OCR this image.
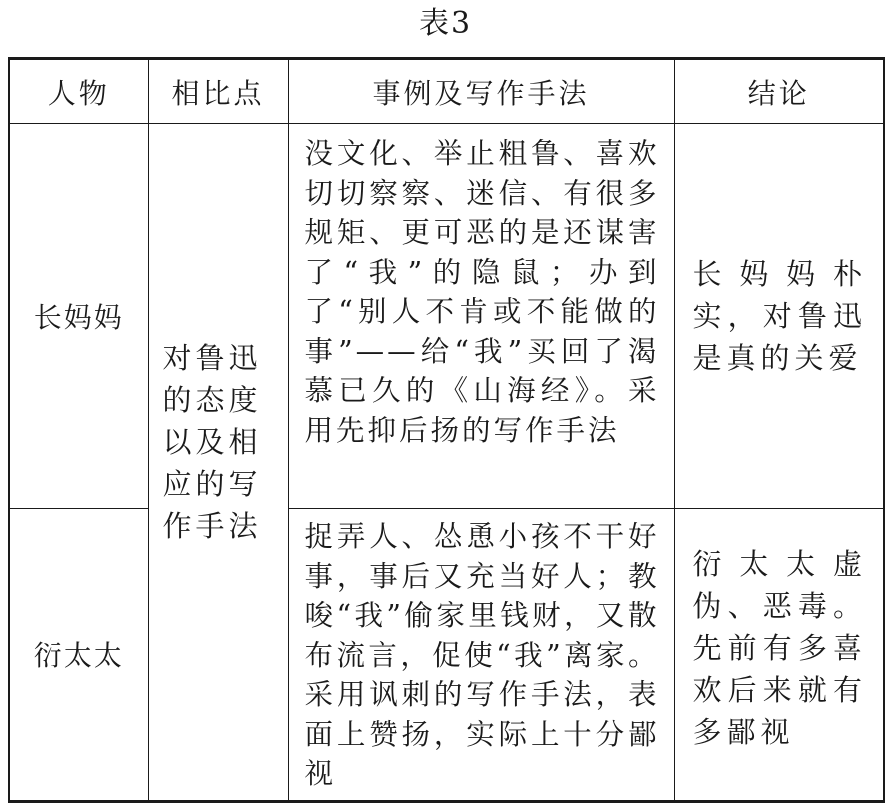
表3
人物	相比点	事例及写作手法	结论
长妈妈	对鲁迅的态度以及相应的写作手法	没文化、举止粗鲁、喜欢切切察察、迷信、有很多规矩、更可恶的是还谋害了“我”的隐鼠；办到了“别人不肯或不能做的事”——给“我”买回了渴慕已久的《山海经》。采用先抑后扬的写作手法	长妈妈朴实，对鲁迅是真的关爱
衍太太		捉弄人、怂恿小孩不干好事，事后又充当好人；教唆“我”偷家里钱财，又散布流言，促使“我”离家。采用讽刺的写作手法，表面上赞扬，实际上十分鄙视	衍太太虚伪、恶毒。先前有多喜欢后来就有多鄙视
